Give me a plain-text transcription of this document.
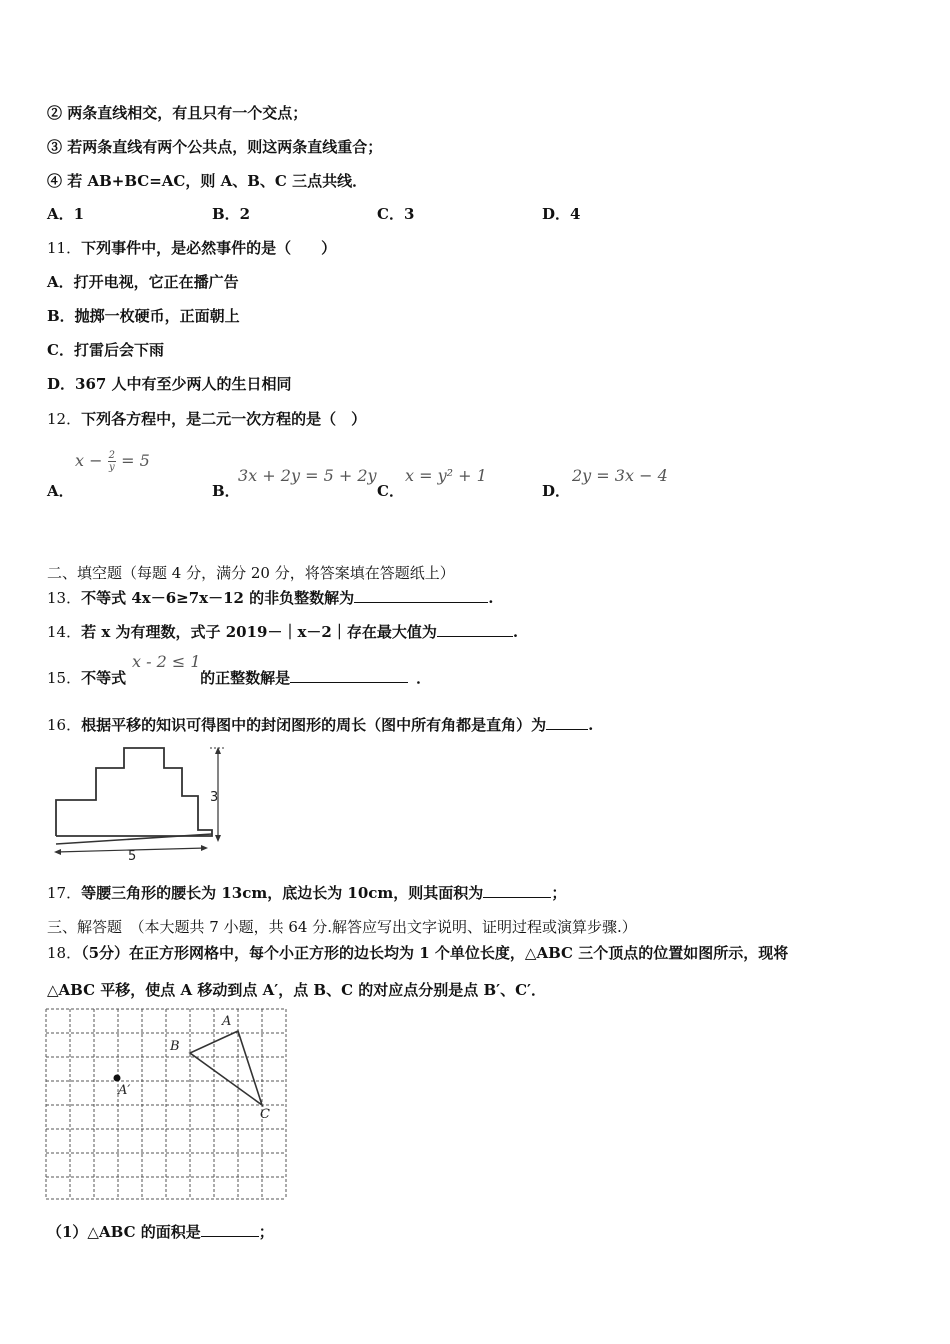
② 两条直线相交，有且只有一个交点；
③ 若两条直线有两个公共点，则这两条直线重合；
④ 若 AB+BC=AC，则 A、B、C 三点共线．
A．1	B．2	C．3	D．4
11．下列事件中，是必然事件的是（　　）
A．打开电视，它正在播广告
B．抛掷一枚硬币，正面朝上
C．打雷后会下雨
D．367 人中有至少两人的生日相同
12．下列各方程中，是二元一次方程的是（　）
A．
$x - \frac{2}{y} = 5$
B．
3x + 2y = 5 + 2y
C．
x = y² + 1
D．
2y = 3x − 4
二、填空题（每题 4 分，满分 20 分，将答案填在答题纸上）
13．不等式 4x－6≥7x－12 的非负整数解为	.
14．若 x 为有理数，式子 2019－｜x－2｜存在最大值为	.
15．不等式	的正整数解是	．
x - 2 ≤ 1
16．根据平移的知识可得图中的封闭图形的周长（图中所有角都是直角）为	.
3
5
17．等腰三角形的腰长为 13cm，底边长为 10cm，则其面积为	；
三、解答题　（本大题共 7 小题，共 64 分.解答应写出文字说明、证明过程或演算步骤.）
18．（5分）在正方形网格中，每个小正方形的边长均为 1 个单位长度，△ABC 三个顶点的位置如图所示，现将
△ABC 平移，使点 A 移动到点 A′，点 B、C 的对应点分别是点 B′、C′．
A
B
C
A′
（1）△ABC 的面积是	；
